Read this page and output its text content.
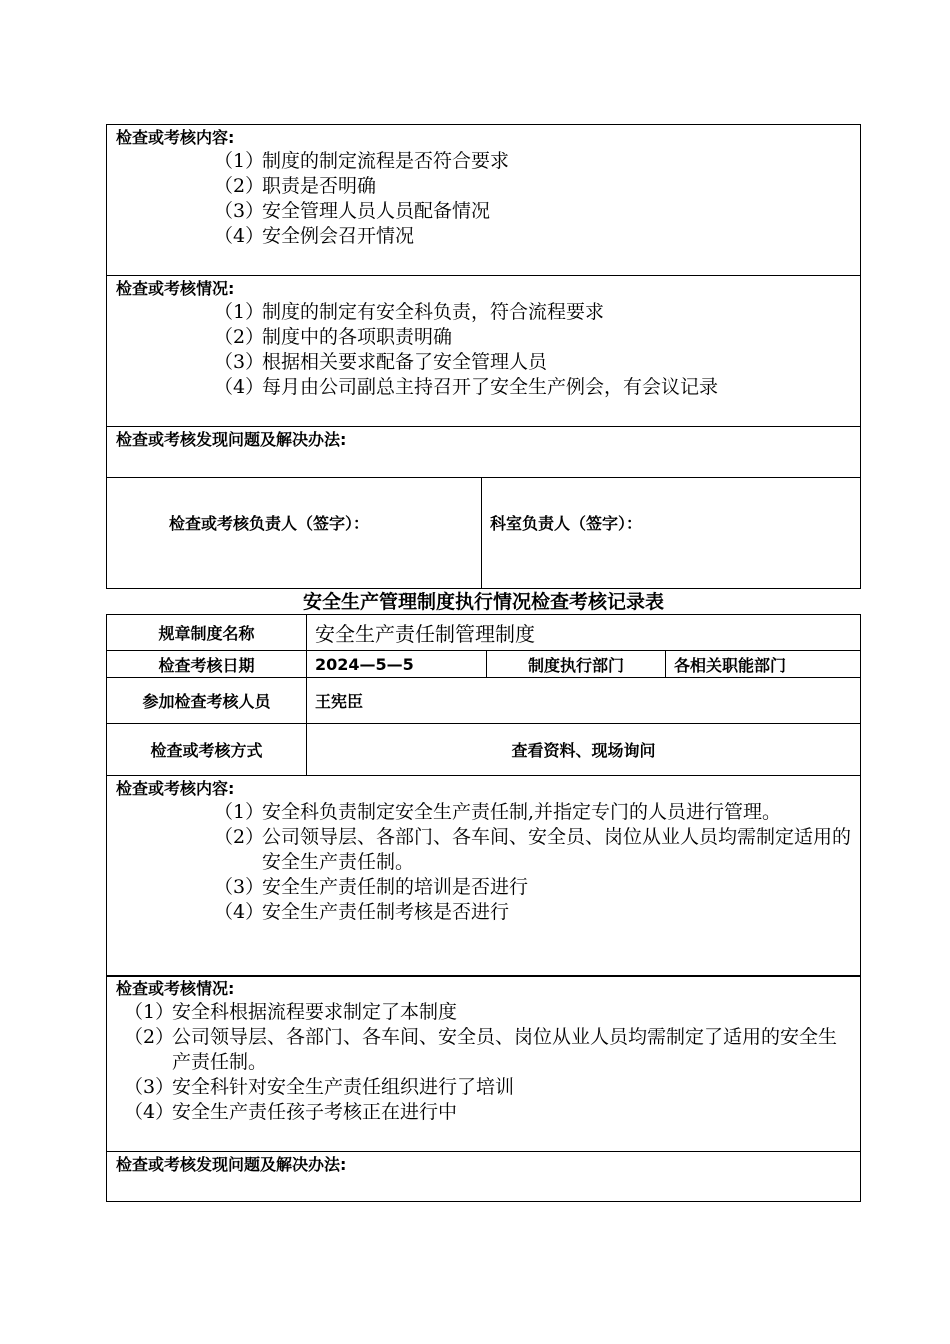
检查或考核内容:
（1）
制度的制定流程是否符合要求
（2）
职责是否明确
（3）
安全管理人员人员配备情况
（4）
安全例会召开情况
检查或考核情况:
（1）
制度的制定有安全科负责，符合流程要求
（2）
制度中的各项职责明确
（3）
根据相关要求配备了安全管理人员
（4）
每月由公司副总主持召开了安全生产例会，有会议记录
检查或考核发现问题及解决办法:
检查或考核负责人（签字）：	科室负责人（签字）：
安全生产管理制度执行情况检查考核记录表
规章制度名称	安全生产责任制管理制度
检查考核日期	2024—5—5	制度执行部门	各相关职能部门
参加检查考核人员	王宪臣
检查或考核方式	查看资料、现场询问
检查或考核内容:
（1）
安全科负责制定安全生产责任制,并指定专门的人员进行管理。
（2）
公司领导层、各部门、各车间、安全员、岗位从业人员均需制定适用的安全生产责任制。
（3）
安全生产责任制的培训是否进行
（4）
安全生产责任制考核是否进行
检查或考核情况:
（1）
安全科根据流程要求制定了本制度
（2）
公司领导层、各部门、各车间、安全员、岗位从业人员均需制定了适用的安全生产责任制。
（3）
安全科针对安全生产责任组织进行了培训
（4）
安全生产责任孩子考核正在进行中
检查或考核发现问题及解决办法:
